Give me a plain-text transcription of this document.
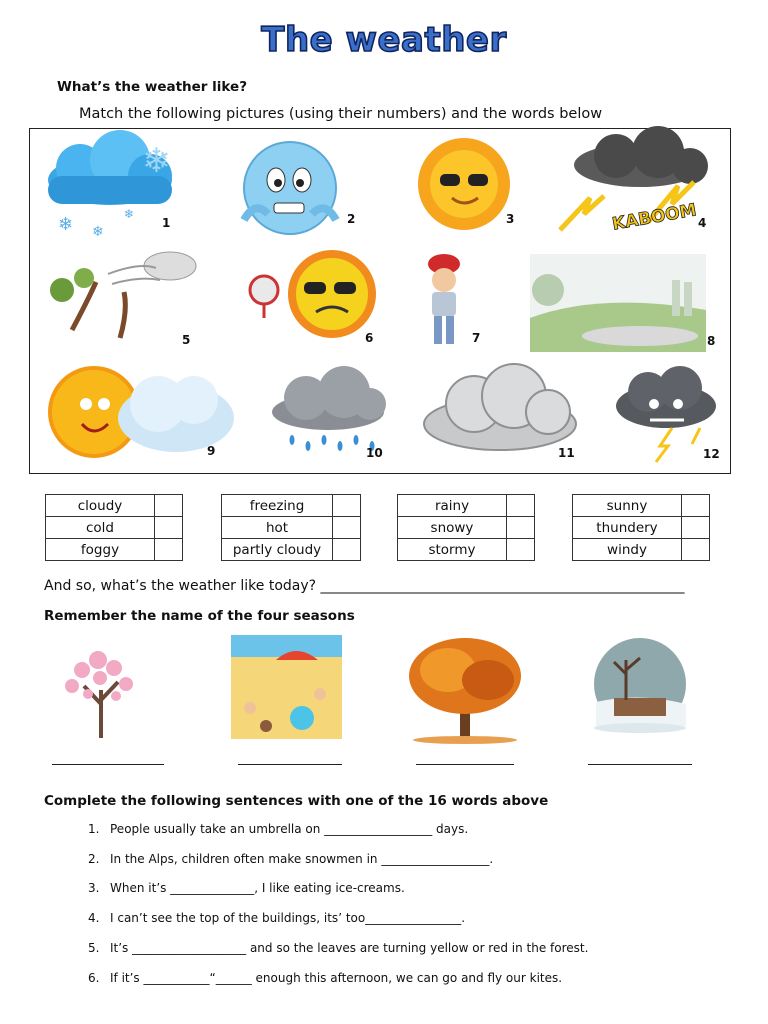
The weather
What’s the weather like?
Match the following pictures (using their numbers) and the words below
❄
❄ ❄
❄	KABOOM
1	2	3	4
5	6	7	8
9	10	11	12
cloudy	
cold	
foggy	
freezing	
hot	
partly cloudy	
rainy	
snowy	
stormy	
sunny	
thundery	
windy	
And so, what’s the weather like today? ____________________________________________________
Remember the name of the four seasons
Complete the following sentences with one of the 16 words above
1. People usually take an umbrella on __________________ days.
2. In the Alps, children often make snowmen in __________________.
3. When it’s ______________, I like eating ice-creams.
4. I can’t see the top of the buildings, its’ too________________.
5. It’s ___________________ and so the leaves are turning yellow or red in the forest.
6. If it’s ___________“______ enough this afternoon, we can go and fly our kites.
